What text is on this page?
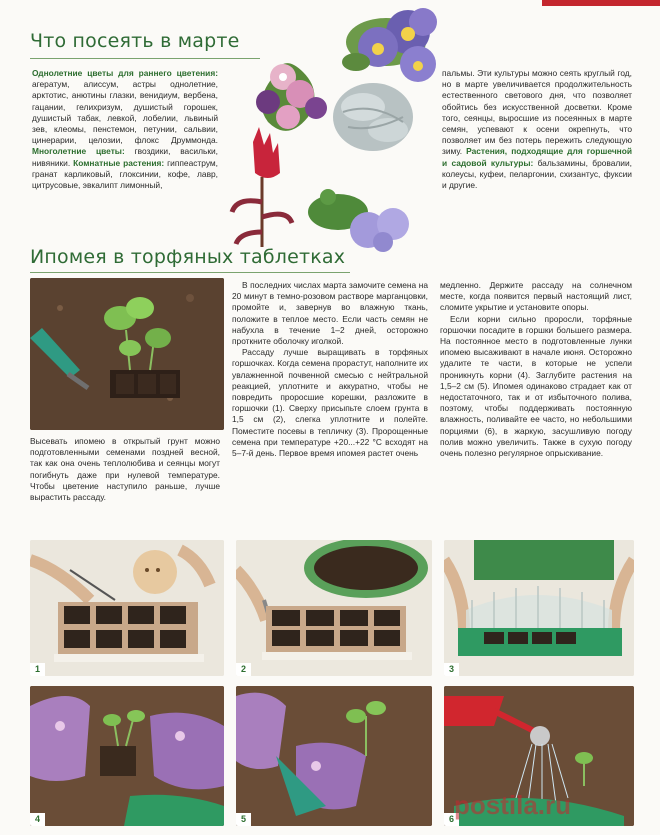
Что посеять в марте
Однолетние цветы для раннего цветения: агератум, алиссум, астры однолетние, арктотис, анютины глазки, венидиум, вербена, гацании, гелихризум, душистый горошек, душистый табак, левкой, лобелии, львиный зев, клеомы, пенстемон, петунии, сальвии, цинерарии, целозии, флокс Друммонда. Многолетние цветы: гвоздики, васильки, нивяники. Комнатные растения: гиппеаструм, гранат карликовый, глоксинии, кофе, лавр, цитрусовые, эвкалипт лимонный,
пальмы. Эти культуры можно сеять круглый год, но в марте увеличивается продолжительность естественного светового дня, что позволяет обойтись без искусственной досветки. Кроме того, сеянцы, выросшие из посеянных в марте семян, успевают к осени окрепнуть, что позволяет им без потерь пережить следующую зиму. Растения, подходящие для горшечной и садовой культуры: бальзамины, бровалии, колеусы, куфеи, пеларгонии, схизантус, фуксии и другие.
Ипомея в торфяных таблетках
Высевать ипомею в открытый грунт можно подготовленными семенами поздней весной, так как она очень теплолюбива и сеянцы могут погибнуть даже при нулевой температуре. Чтобы цветение наступило раньше, лучше вырастить рассаду.
В последних числах марта замочите семена на 20 минут в темно-розовом растворе марганцовки, промойте и, завернув во влажную ткань, положите в теплое место. Если часть семян не набухла в течение 1–2 дней, осторожно проткните оболочку иголкой.
Рассаду лучше выращивать в торфяных горшочках. Когда семена прорастут, наполните их увлажненной почвенной смесью с нейтральной реакцией, уплотните и аккуратно, чтобы не повредить проросшие корешки, разложите в горшочки (1). Сверху присыпьте слоем грунта в 1,5 см (2), слегка уплотните и полейте. Поместите посевы в тепличку (3). Пророщенные семена при температуре +20...+22 °C всходят на 5–7-й день. Первое время ипомея растет очень
медленно. Держите рассаду на солнечном месте, когда появится первый настоящий лист, сломите укрытие и установите опоры.
Если корни сильно проросли, торфяные горшочки посадите в горшки большего размера. На постоянное место в подготовленные лунки ипомею высаживают в начале июня. Осторожно удалите те части, в которые не успели проникнуть корни (4). Заглубите растения на 1,5–2 см (5). Ипомея одинаково страдает как от недостаточного, так и от избыточного полива, поэтому, чтобы поддерживать постоянную влажность, поливайте ее часто, но небольшими порциями (6), в жаркую, засушливую погоду полив можно увеличить. Также в сухую погоду очень полезно регулярное опрыскивание.
1	2	3
4	5	6 postila.ru
